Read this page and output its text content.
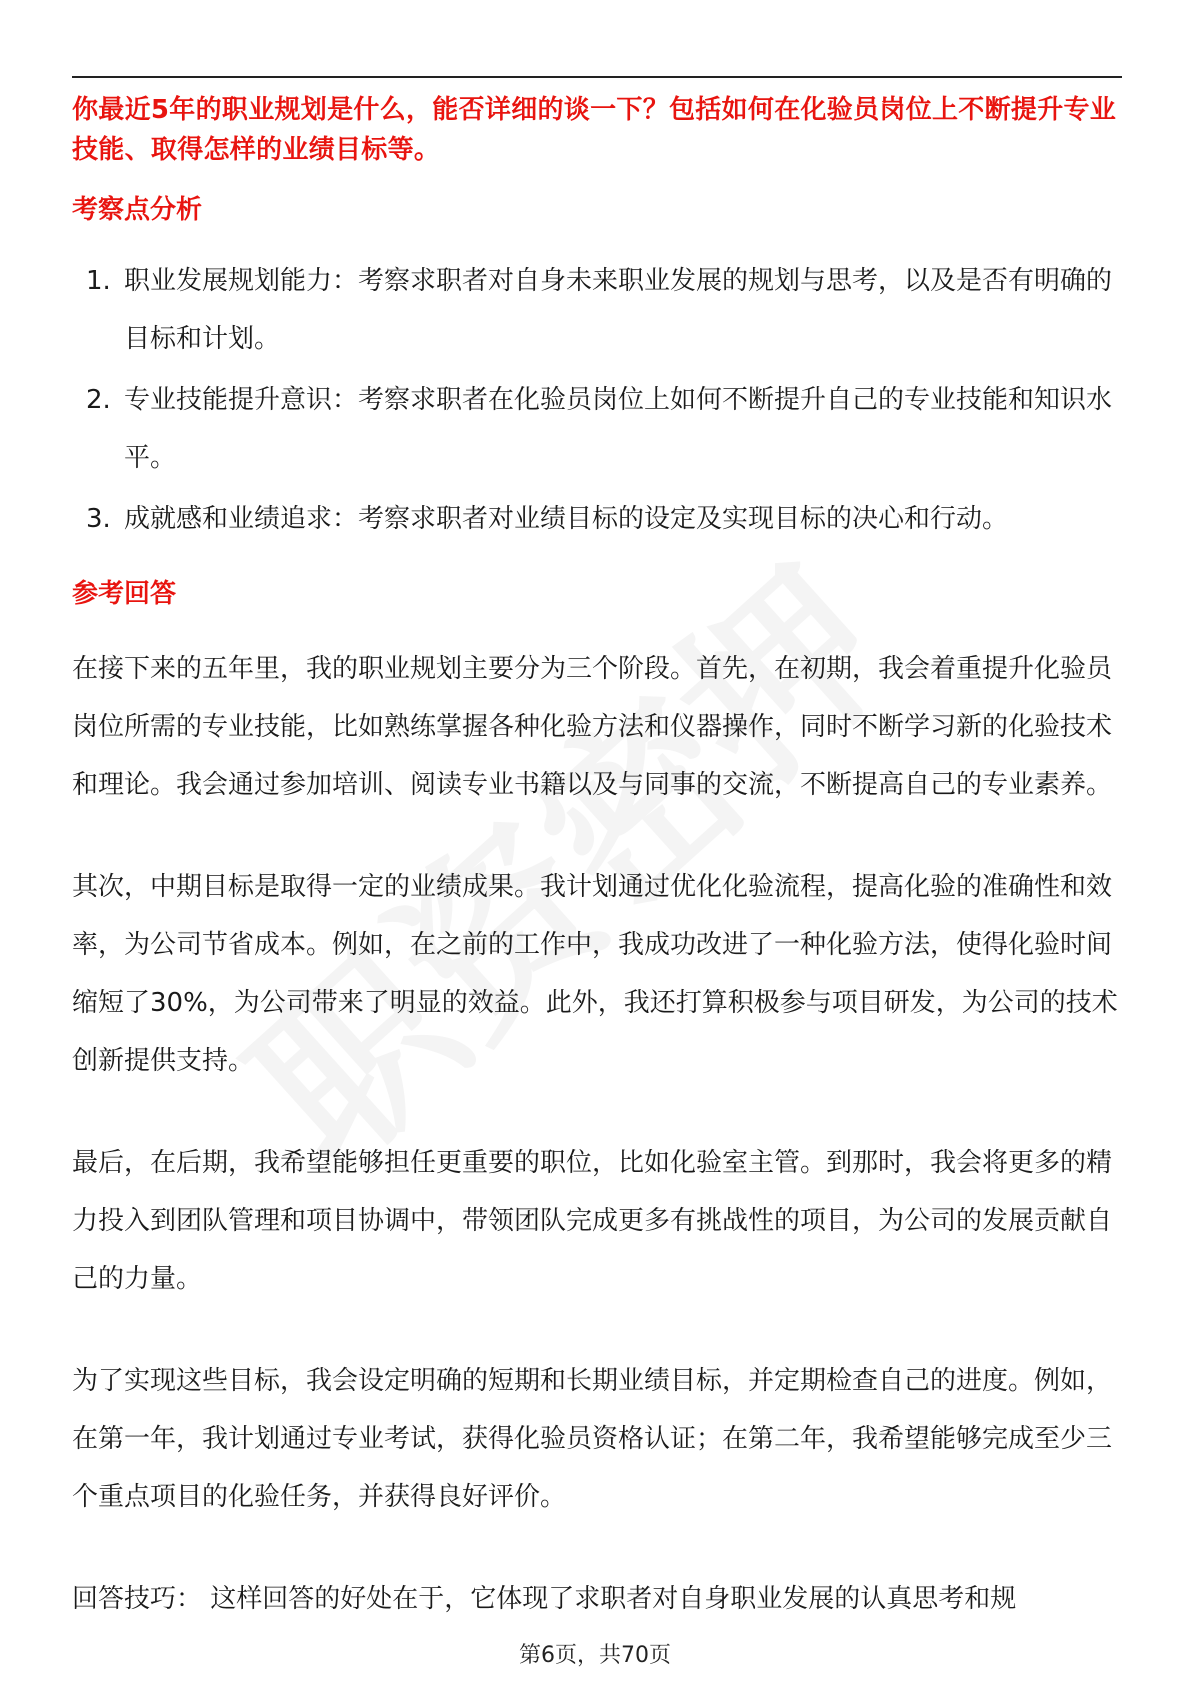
你最近5年的职业规划是什么，能否详细的谈一下？包括如何在化验员岗位上不断提升专业技能、取得怎样的业绩目标等。

考察点分析
1. 职业发展规划能力：考察求职者对自身未来职业发展的规划与思考，以及是否有明确的目标和计划。
2. 专业技能提升意识：考察求职者在化验员岗位上如何不断提升自己的专业技能和知识水平。
3. 成就感和业绩追求：考察求职者对业绩目标的设定及实现目标的决心和行动。
参考回答

在接下来的五年里，我的职业规划主要分为三个阶段。首先，在初期，我会着重提升化验员岗位所需的专业技能，比如熟练掌握各种化验方法和仪器操作，同时不断学习新的化验技术和理论。我会通过参加培训、阅读专业书籍以及与同事的交流，不断提高自己的专业素养。

其次，中期目标是取得一定的业绩成果。我计划通过优化化验流程，提高化验的准确性和效率，为公司节省成本。例如，在之前的工作中，我成功改进了一种化验方法，使得化验时间缩短了30%，为公司带来了明显的效益。此外，我还打算积极参与项目研发，为公司的技术创新提供支持。

最后，在后期，我希望能够担任更重要的职位，比如化验室主管。到那时，我会将更多的精力投入到团队管理和项目协调中，带领团队完成更多有挑战性的项目，为公司的发展贡献自己的力量。

为了实现这些目标，我会设定明确的短期和长期业绩目标，并定期检查自己的进度。例如，在第一年，我计划通过专业考试，获得化验员资格认证；在第二年，我希望能够完成至少三个重点项目的化验任务，并获得良好评价。

回答技巧： 这样回答的好处在于，它体现了求职者对自身职业发展的认真思考和规

第6页，共70页
